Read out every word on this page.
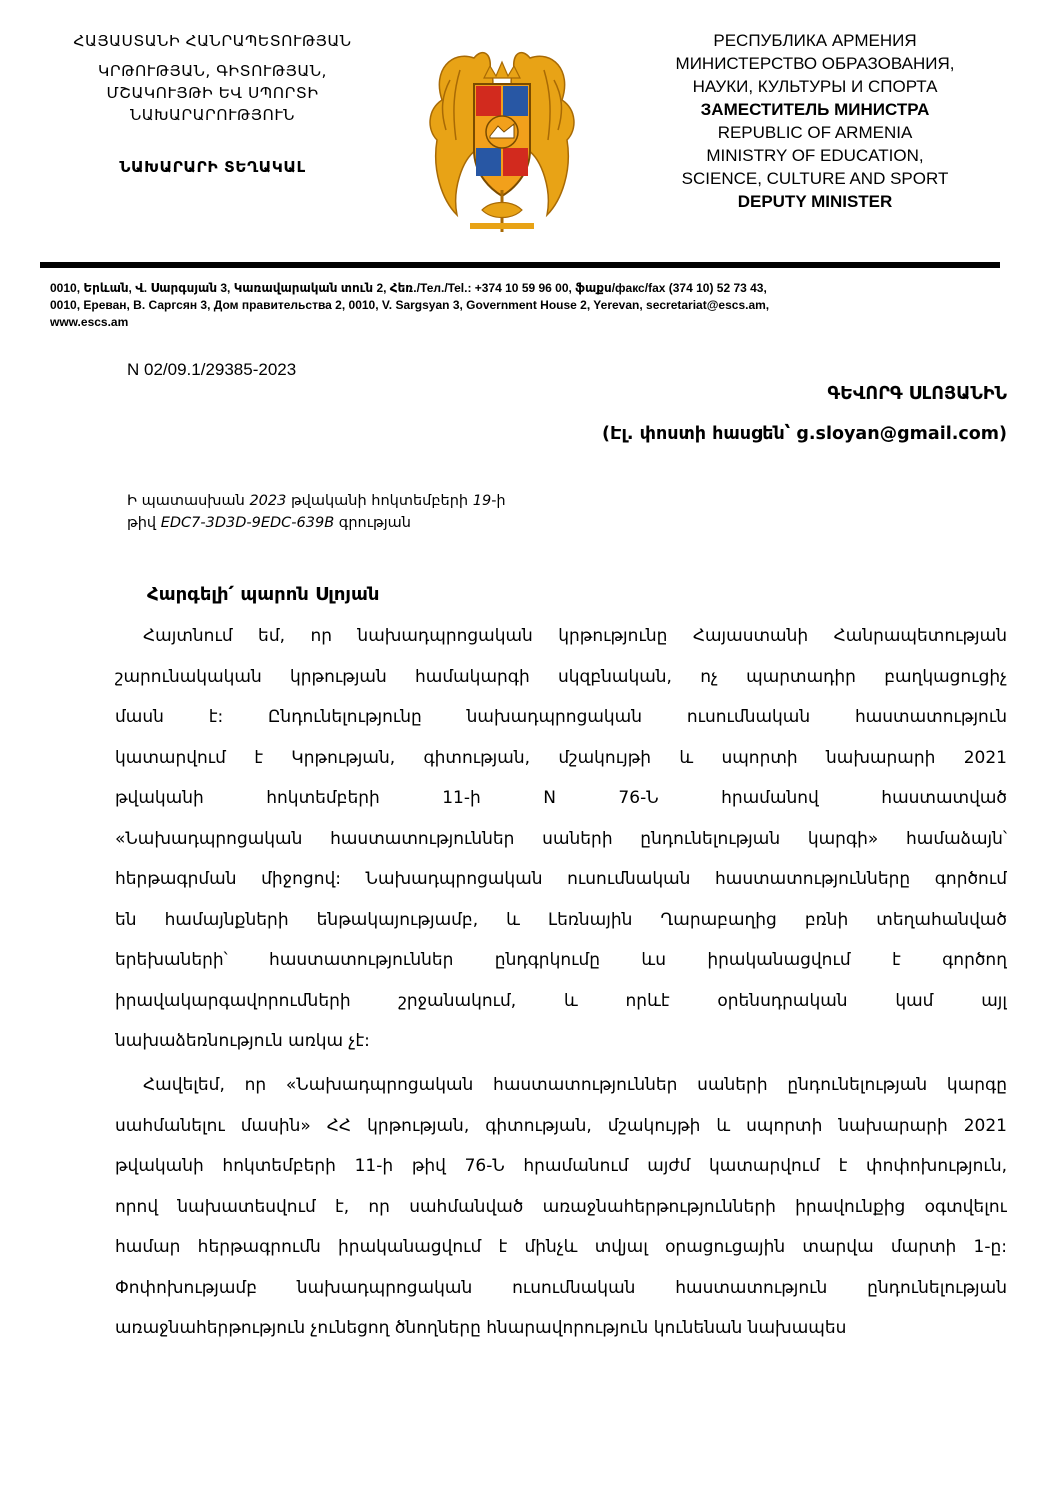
ՀԱՅԱՍՏԱՆԻ ՀԱՆՐԱՊԵՏՈՒԹՅԱՆ
ԿՐԹՈՒԹՅԱՆ, ԳԻՏՈՒԹՅԱՆ,
ՄՇԱԿՈՒՅԹԻ ԵՎ ՍՊՈՐՏԻ
ՆԱԽԱՐԱՐՈՒԹՅՈՒՆ
ՆԱԽԱՐԱՐԻ ՏԵՂԱԿԱԼ
РЕСПУБЛИКА АРМЕНИЯ
МИНИСТЕРСТВО ОБРАЗОВАНИЯ,
НАУКИ, КУЛЬТУРЫ И СПОРТА
ЗАМЕСТИТЕЛЬ МИНИСТРА
REPUBLIC OF ARMENIA
MINISTRY OF EDUCATION,
SCIENCE, CULTURE AND SPORT
DEPUTY MINISTER
0010, Երևան, Վ. Սարգսյան 3, Կառավարական տուն 2, Հեռ./Тел./Tel.: +374 10 59 96 00, ֆաքս/факс/fax (374 10) 52 73 43,
0010, Ереван, В. Саргсян 3, Дом правительства 2, 0010, V. Sargsyan 3, Government House 2, Yerevan, secretariat@escs.am,
www.escs.am
N 02/09.1/29385-2023
ԳԵՎՈՐԳ ՍԼՈՅԱՆԻՆ
(Էլ. փոստի հասցեն՝ g.sloyan@gmail.com)
Ի պատասխան 2023 թվականի հոկտեմբերի 19-ի
թիվ EDC7-3D3D-9EDC-639B գրության
Հարգելի՛ պարոն Սլոյան
Հայտնում եմ, որ նախադպրոցական կրթությունը Հայաստանի Հանրապետության
շարունակական կրթության համակարգի սկզբնական, ոչ պարտադիր բաղկացուցիչ
մասն է: Ընդունելությունը նախադպրոցական ուսումնական հաստատություն
կատարվում է Կրթության, գիտության, մշակույթի և սպորտի նախարարի 2021
թվականի հոկտեմբերի 11-ի N 76-Ն հրամանով հաստատված
«Նախադպրոցական հաստատություններ սաների ընդունելության կարգի» համաձայն՝
հերթագրման միջոցով: Նախադպրոցական ուսումնական հաստատությունները գործում
են համայնքների ենթակայությամբ, և Լեռնային Ղարաբաղից բռնի տեղահանված
երեխաների՝ հաստատություններ ընդգրկումը ևս իրականացվում է գործող
իրավակարգավորումների շրջանակում, և որևէ օրենսդրական կամ այլ
նախաձեռնություն առկա չէ:
Հավելեմ, որ «Նախադպրոցական հաստատություններ սաների ընդունելության կարգը
սահմանելու մասին» ՀՀ կրթության, գիտության, մշակույթի և սպորտի նախարարի 2021
թվականի հոկտեմբերի 11-ի թիվ 76-Ն հրամանում այժմ կատարվում է փոփոխություն,
որով նախատեսվում է, որ սահմանված առաջնահերթությունների իրավունքից օգտվելու
համար հերթագրումն իրականացվում է մինչև տվյալ օրացուցային տարվա մարտի 1-ը:
Փոփոխությամբ նախադպրոցական ուսումնական հաստատություն ընդունելության
առաջնահերթություն չունեցող ծնողները հնարավորություն կունենան նախապես
